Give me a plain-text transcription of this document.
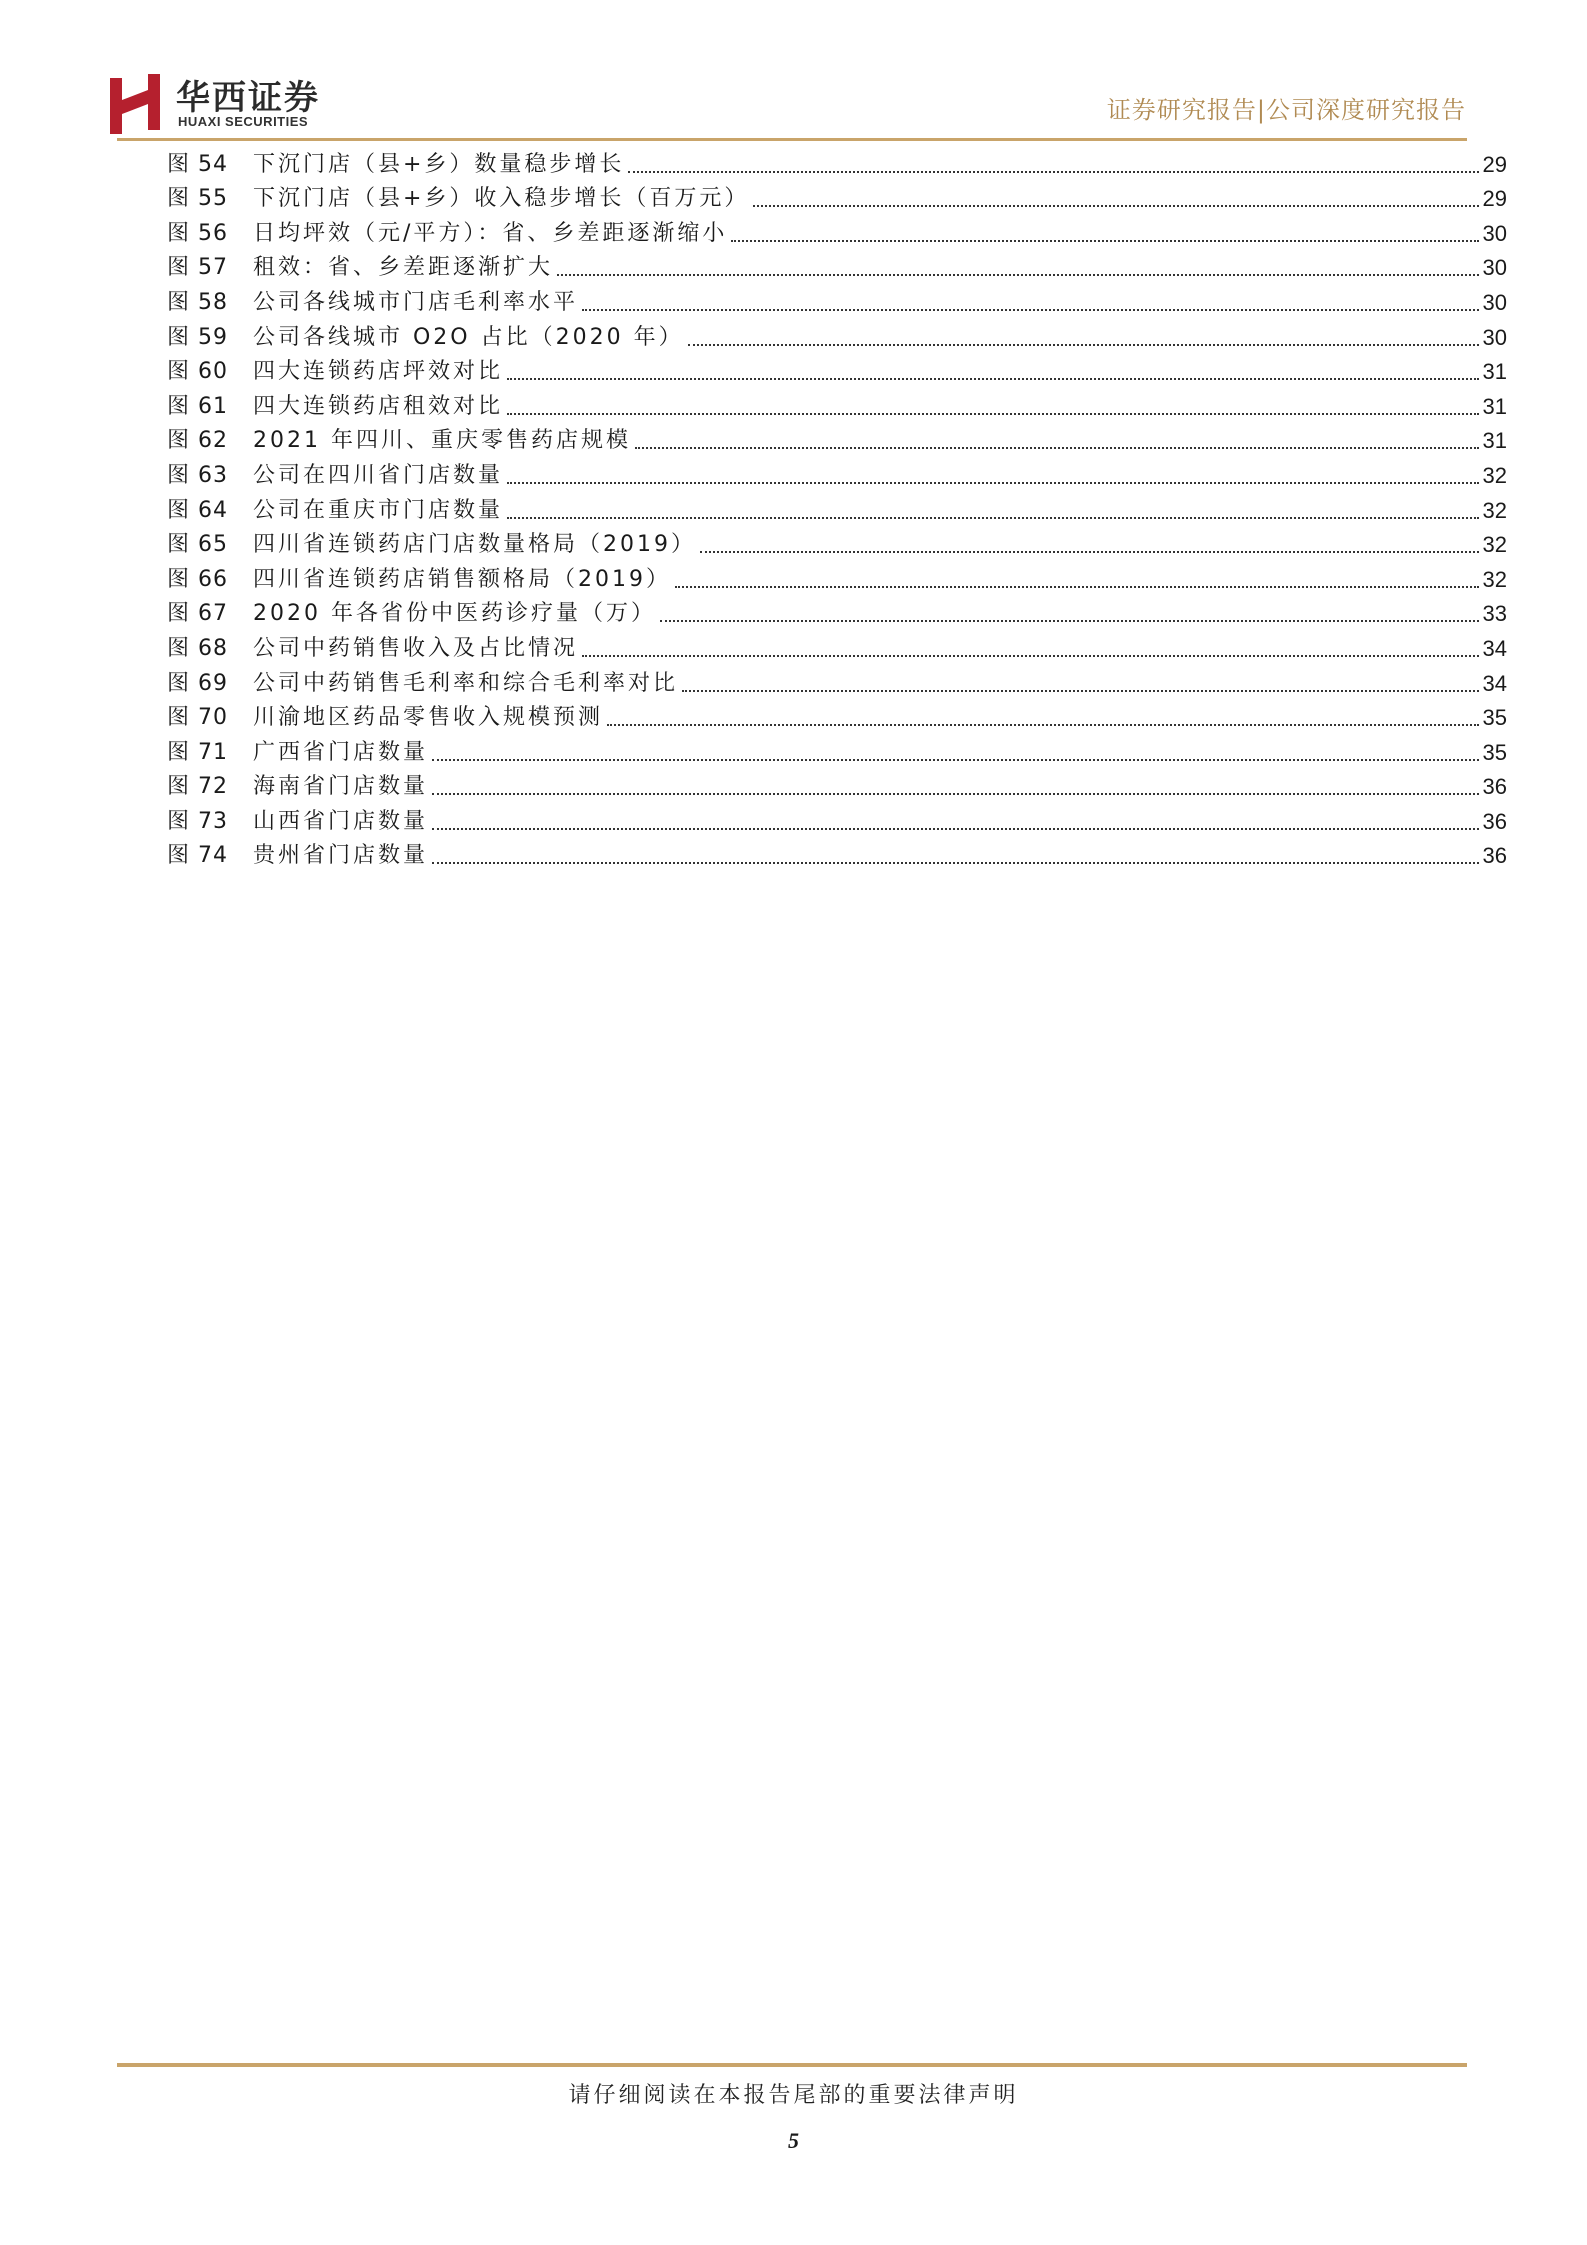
华西证券
HUAXI SECURITIES	证券研究报告|公司深度研究报告
图 54	下沉门店（县+乡）数量稳步增长	29
图 55	下沉门店（县+乡）收入稳步增长（百万元）	29
图 56	日均坪效（元/平方）：省、乡差距逐渐缩小	30
图 57	租效：省、乡差距逐渐扩大	30
图 58	公司各线城市门店毛利率水平	30
图 59	公司各线城市 O2O 占比（2020 年）	30
图 60	四大连锁药店坪效对比	31
图 61	四大连锁药店租效对比	31
图 62	2021 年四川、重庆零售药店规模	31
图 63	公司在四川省门店数量	32
图 64	公司在重庆市门店数量	32
图 65	四川省连锁药店门店数量格局（2019）	32
图 66	四川省连锁药店销售额格局（2019）	32
图 67	2020 年各省份中医药诊疗量（万）	33
图 68	公司中药销售收入及占比情况	34
图 69	公司中药销售毛利率和综合毛利率对比	34
图 70	川渝地区药品零售收入规模预测	35
图 71	广西省门店数量	35
图 72	海南省门店数量	36
图 73	山西省门店数量	36
图 74	贵州省门店数量	36
请仔细阅读在本报告尾部的重要法律声明
5
